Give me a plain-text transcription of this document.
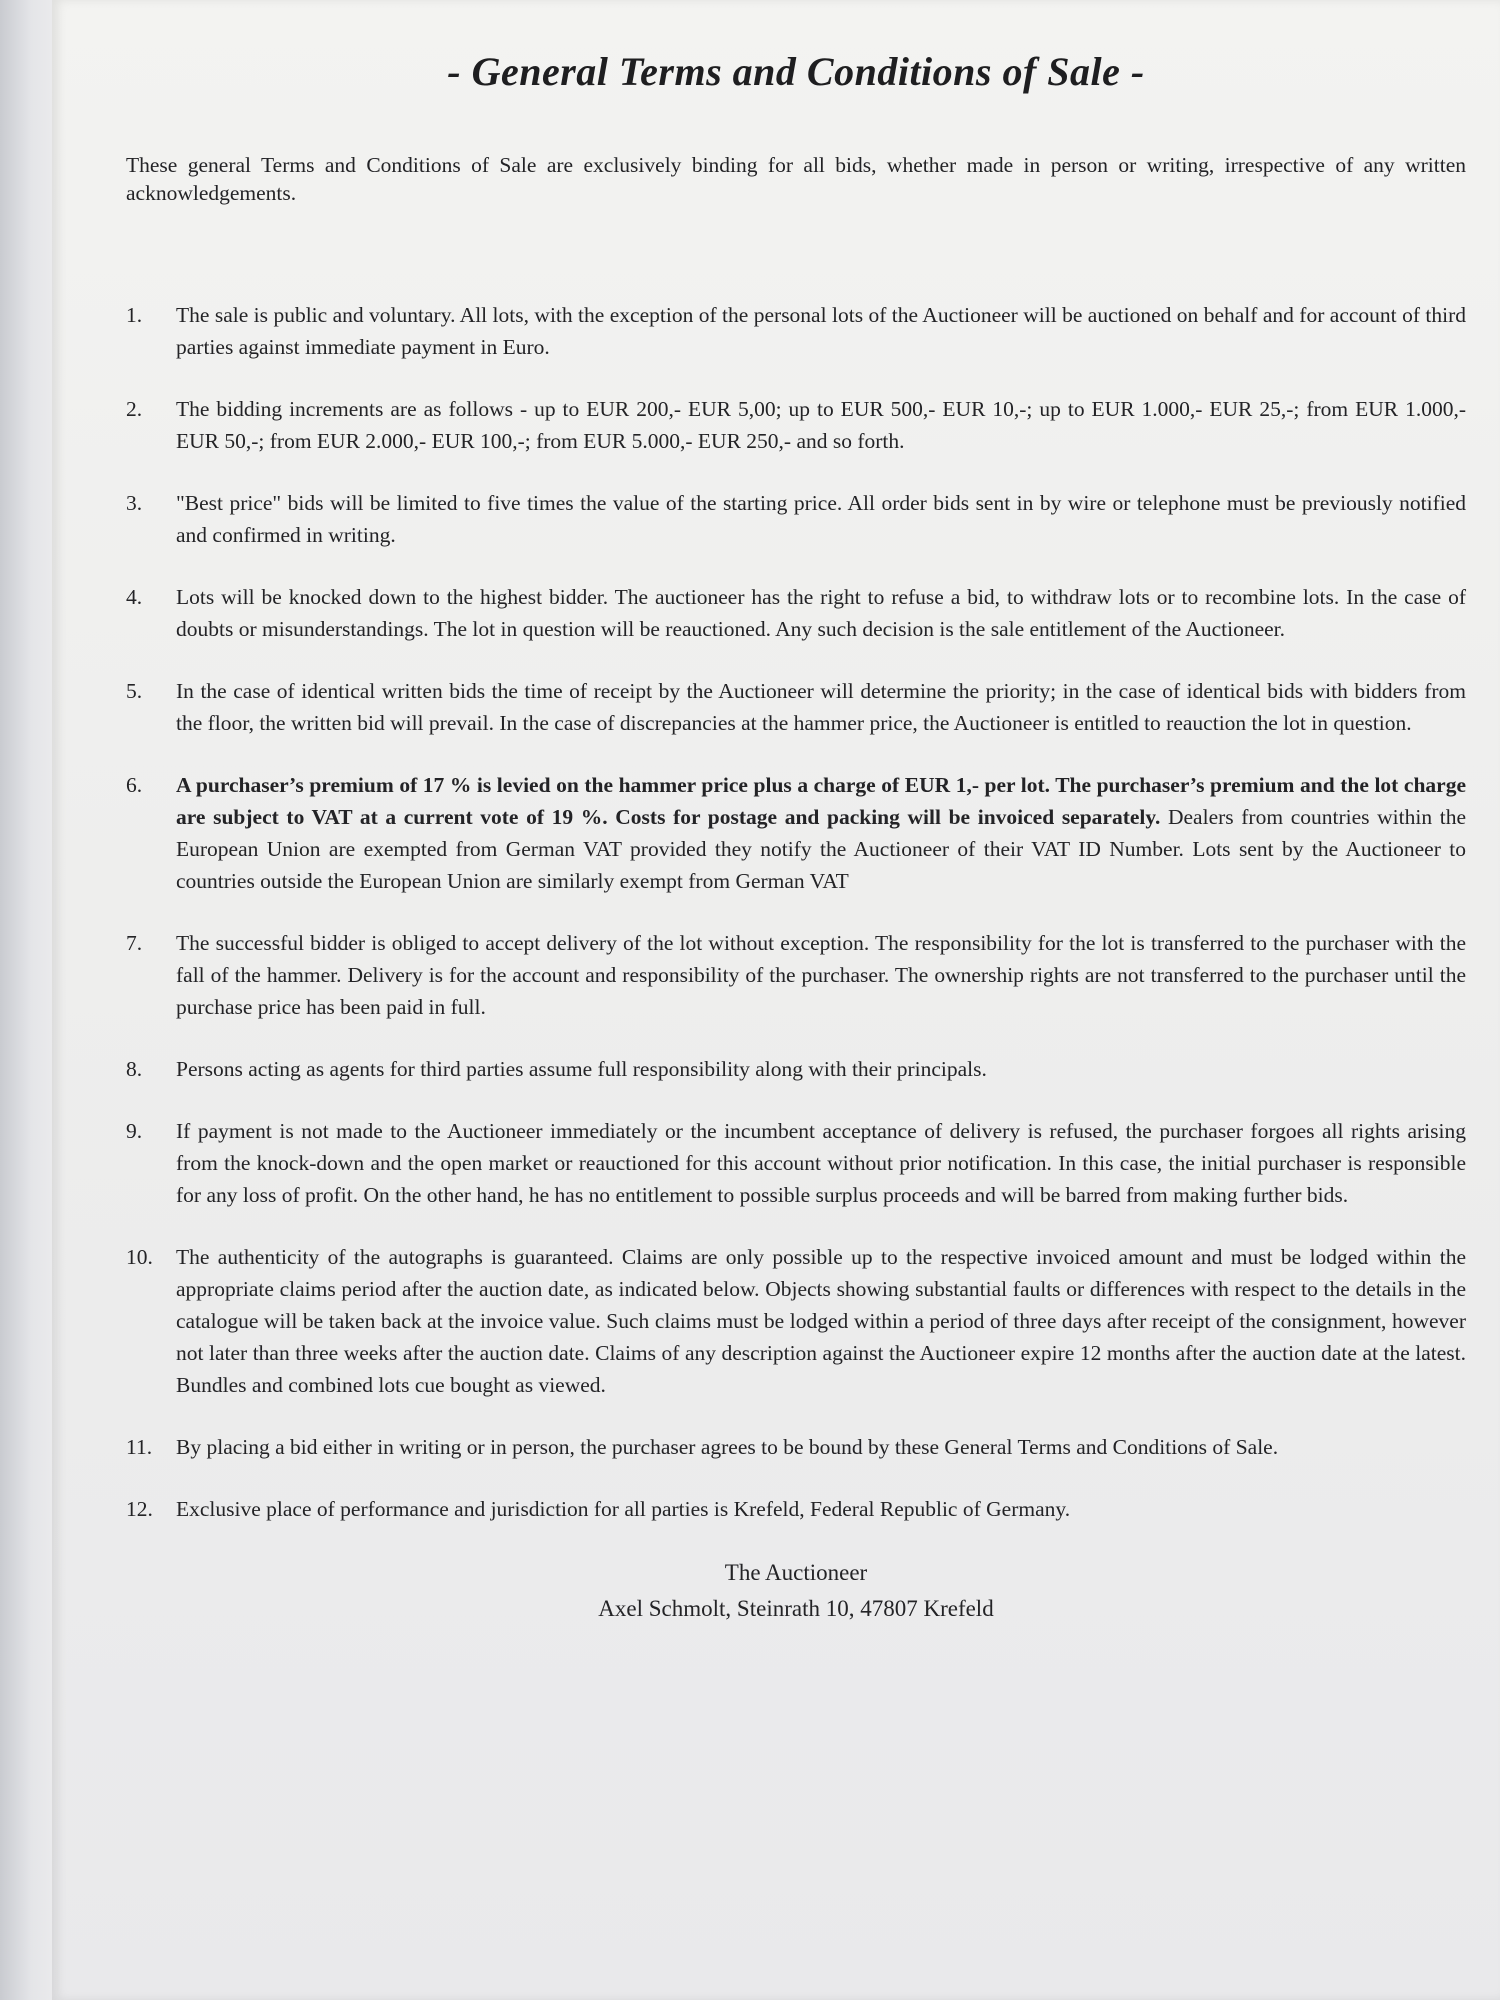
- General Terms and Conditions of Sale -

These general Terms and Conditions of Sale are exclusively binding for all bids, whether made in person or writing, irrespective of any written acknowledgements.

1.	The sale is public and voluntary. All lots, with the exception of the personal lots of the Auctioneer will be auctioned on behalf and for account of third parties against immediate payment in Euro.
2.	The bidding increments are as follows - up to EUR 200,- EUR 5,00; up to EUR 500,- EUR 10,-; up to EUR 1.000,- EUR 25,-; from EUR 1.000,- EUR 50,-; from EUR 2.000,- EUR 100,-; from EUR 5.000,- EUR 250,- and so forth.
3.	"Best price" bids will be limited to five times the value of the starting price. All order bids sent in by wire or telephone must be previously notified and confirmed in writing.
4.	Lots will be knocked down to the highest bidder. The auctioneer has the right to refuse a bid, to withdraw lots or to recombine lots. In the case of doubts or misunderstandings. The lot in question will be reauctioned. Any such decision is the sale entitlement of the Auctioneer.
5.	In the case of identical written bids the time of receipt by the Auctioneer will determine the priority; in the case of identical bids with bidders from the floor, the written bid will prevail. In the case of discrepancies at the hammer price, the Auctioneer is entitled to reauction the lot in question.
6.	A purchaser’s premium of 17 % is levied on the hammer price plus a charge of EUR 1,- per lot. The purchaser’s premium and the lot charge are subject to VAT at a current vote of 19 %. Costs for postage and packing will be invoiced separately. Dealers from countries within the European Union are exempted from German VAT provided they notify the Auctioneer of their VAT ID Number. Lots sent by the Auctioneer to countries outside the European Union are similarly exempt from German VAT
7.	The successful bidder is obliged to accept delivery of the lot without exception. The responsibility for the lot is transferred to the purchaser with the fall of the hammer. Delivery is for the account and responsibility of the purchaser. The ownership rights are not transferred to the purchaser until the purchase price has been paid in full.
8.	Persons acting as agents for third parties assume full responsibility along with their principals.
9.	If payment is not made to the Auctioneer immediately or the incumbent acceptance of delivery is refused, the purchaser forgoes all rights arising from the knock-down and the open market or reauctioned for this account without prior notification. In this case, the initial purchaser is responsible for any loss of profit. On the other hand, he has no entitlement to possible surplus proceeds and will be barred from making further bids.
10.	The authenticity of the autographs is guaranteed. Claims are only possible up to the respective invoiced amount and must be lodged within the appropriate claims period after the auction date, as indicated below. Objects showing substantial faults or differences with respect to the details in the catalogue will be taken back at the invoice value. Such claims must be lodged within a period of three days after receipt of the consignment, however not later than three weeks after the auction date. Claims of any description against the Auctioneer expire 12 months after the auction date at the latest. Bundles and combined lots cue bought as viewed.
11.	By placing a bid either in writing or in person, the purchaser agrees to be bound by these General Terms and Conditions of Sale.
12.	Exclusive place of performance and jurisdiction for all parties is Krefeld, Federal Republic of Germany.
The Auctioneer
Axel Schmolt, Steinrath 10, 47807 Krefeld
